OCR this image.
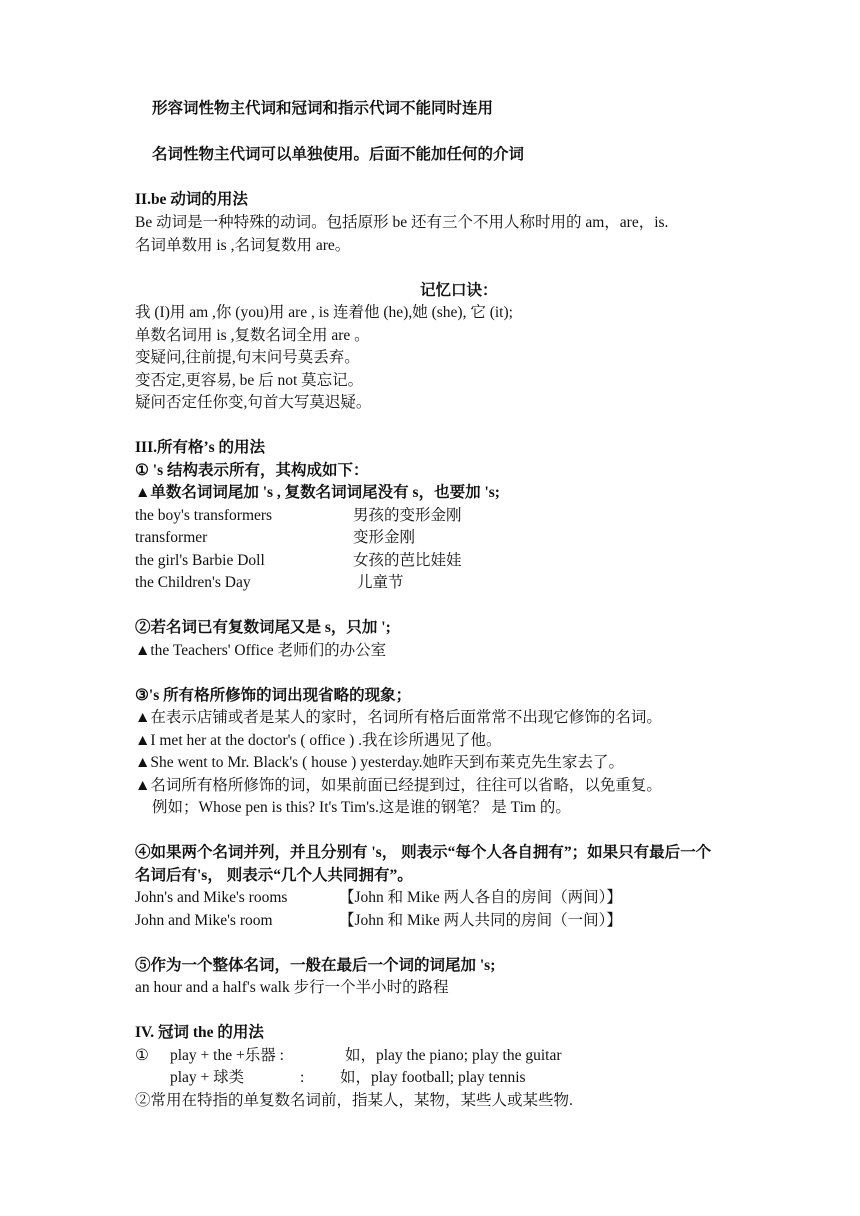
形容词性物主代词和冠词和指示代词不能同时连用
名词性物主代词可以单独使用。后面不能加任何的介词
II.be 动词的用法
Be 动词是一种特殊的动词。包括原形 be 还有三个不用人称时用的 am，are，is.
名词单数用 is ,名词复数用 are。
记忆口诀：
我 (I)用 am ,你 (you)用 are , is 连着他 (he),她 (she), 它 (it);
单数名词用 is ,复数名词全用 are 。
变疑问,往前提,句末问号莫丢弃。
变否定,更容易, be 后 not 莫忘记。
疑问否定任你变,句首大写莫迟疑。
III.所有格’s 的用法
① 's 结构表示所有，其构成如下：
▲单数名词词尾加 's , 复数名词词尾没有 s，也要加 's;
the boy's transformers	男孩的变形金刚
transformer	变形金刚
the girl's Barbie Doll	女孩的芭比娃娃
the Children's Day	儿童节
②若名词已有复数词尾又是 s，只加 ';
▲the Teachers' Office 老师们的办公室
③'s 所有格所修饰的词出现省略的现象；
▲在表示店铺或者是某人的家时，名词所有格后面常常不出现它修饰的名词。
▲I met her at the doctor's ( office ) .我在诊所遇见了他。
▲She went to Mr. Black's ( house ) yesterday.她昨天到布莱克先生家去了。
▲名词所有格所修饰的词，如果前面已经提到过，往往可以省略，以免重复。
例如；Whose pen is this? It's Tim's.这是谁的钢笔？ 是 Tim 的。
④如果两个名词并列，并且分别有 's， 则表示“每个人各自拥有”；如果只有最后一个
名词后有's， 则表示“几个人共同拥有”。
John's and Mike's rooms	【John 和 Mike 两人各自的房间（两间）】
John and Mike's room	【John 和 Mike 两人共同的房间（一间）】
⑤作为一个整体名词，一般在最后一个词的词尾加 's;
an hour and a half's walk 步行一个半小时的路程
IV. 冠词 the 的用法
① play + the +乐器 :	如，play the piano; play the guitar
play + 球类	: 如，play football; play tennis
②常用在特指的单复数名词前，指某人，某物，某些人或某些物.
